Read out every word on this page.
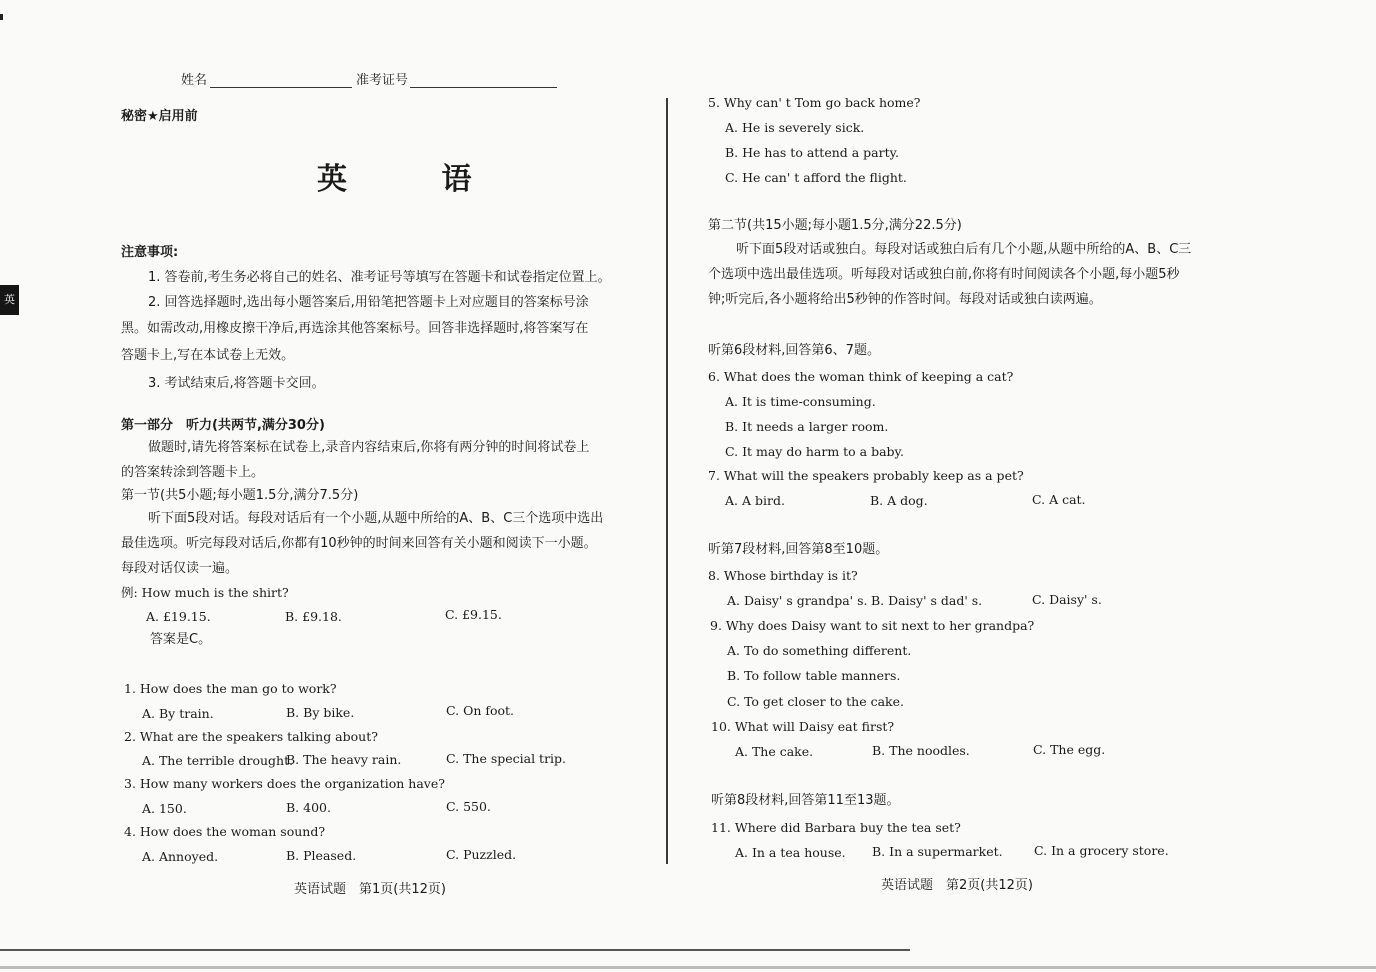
英
姓名	准考证号
秘密★启用前
英 语
注意事项:
1. 答卷前,考生务必将自己的姓名、准考证号等填写在答题卡和试卷指定位置上。
2. 回答选择题时,选出每小题答案后,用铅笔把答题卡上对应题目的答案标号涂
黑。如需改动,用橡皮擦干净后,再选涂其他答案标号。回答非选择题时,将答案写在
答题卡上,写在本试卷上无效。
3. 考试结束后,将答题卡交回。
第一部分　听力(共两节,满分30分)
做题时,请先将答案标在试卷上,录音内容结束后,你将有两分钟的时间将试卷上
的答案转涂到答题卡上。
第一节(共5小题;每小题1.5分,满分7.5分)
听下面5段对话。每段对话后有一个小题,从题中所给的A、B、C三个选项中选出
最佳选项。听完每段对话后,你都有10秒钟的时间来回答有关小题和阅读下一小题。
每段对话仅读一遍。
例: How much is the shirt?
A. £19.15.	B. £9.18.	C. £9.15.
答案是C。
1. How does the man go to work?
A. By train.	B. By bike.	C. On foot.
2. What are the speakers talking about?
A. The terrible drought.
B. The heavy rain.	C. The special trip.
3. How many workers does the organization have?
A. 150.	B. 400.	C. 550.
4. How does the woman sound?
A. Annoyed.	B. Pleased.	C. Puzzled.
英语试题　第1页(共12页)
5. Why can' t Tom go back home?
A. He is severely sick.
B. He has to attend a party.
C. He can' t afford the flight.
第二节(共15小题;每小题1.5分,满分22.5分)
听下面5段对话或独白。每段对话或独白后有几个小题,从题中所给的A、B、C三
个选项中选出最佳选项。听每段对话或独白前,你将有时间阅读各个小题,每小题5秒
钟;听完后,各小题将给出5秒钟的作答时间。每段对话或独白读两遍。
听第6段材料,回答第6、7题。
6. What does the woman think of keeping a cat?
A. It is time-consuming.
B. It needs a larger room.
C. It may do harm to a baby.
7. What will the speakers probably keep as a pet?
A. A bird.	B. A dog.	C. A cat.
听第7段材料,回答第8至10题。
8. Whose birthday is it?
A. Daisy' s grandpa' s. B. Daisy' s dad' s.	C. Daisy' s.
9. Why does Daisy want to sit next to her grandpa?
A. To do something different.
B. To follow table manners.
C. To get closer to the cake.
10. What will Daisy eat first?
A. The cake.	B. The noodles.	C. The egg.
听第8段材料,回答第11至13题。
11. Where did Barbara buy the tea set?
A. In a tea house. B. In a supermarket.	C. In a grocery store.
英语试题　第2页(共12页)
